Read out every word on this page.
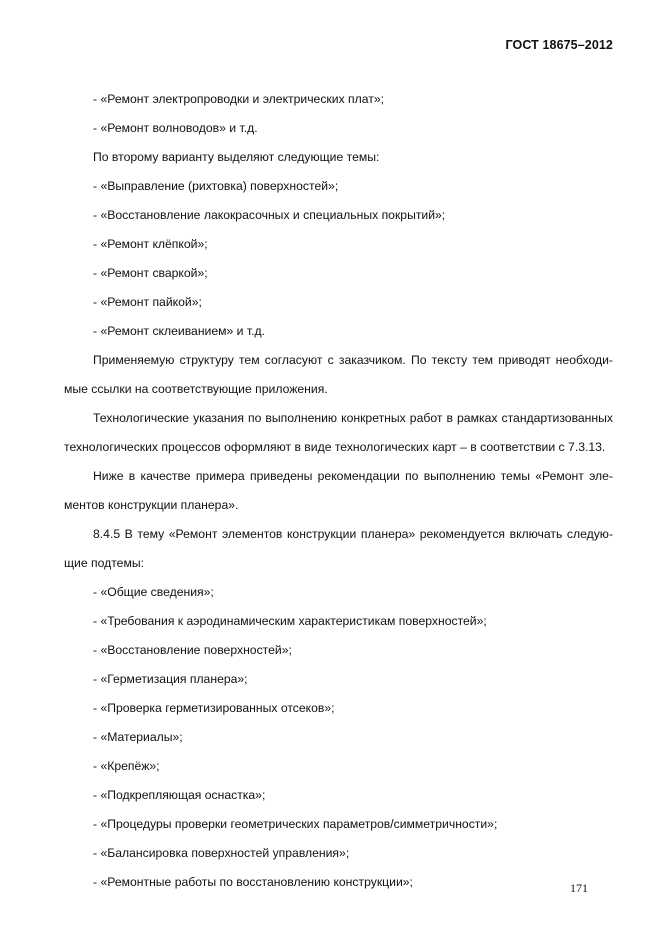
ГОСТ 18675–2012
- «Ремонт электропроводки и электрических плат»;
- «Ремонт волноводов» и т.д.
По второму варианту выделяют следующие темы:
- «Выправление (рихтовка) поверхностей»;
- «Восстановление лакокрасочных и специальных покрытий»;
- «Ремонт клёпкой»;
- «Ремонт сваркой»;
- «Ремонт пайкой»;
- «Ремонт склеиванием» и т.д.
Применяемую структуру тем согласуют с заказчиком. По тексту тем приводят необходи-
мые ссылки на соответствующие приложения.
Технологические указания по выполнению конкретных работ в рамках стандартизованных
технологических процессов оформляют в виде технологических карт – в соответствии с 7.3.13.
Ниже в качестве примера приведены рекомендации по выполнению темы «Ремонт эле-
ментов конструкции планера».
8.4.5 В тему «Ремонт элементов конструкции планера» рекомендуется включать следую-
щие подтемы:
- «Общие сведения»;
- «Требования к аэродинамическим характеристикам поверхностей»;
- «Восстановление поверхностей»;
- «Герметизация планера»;
- «Проверка герметизированных отсеков»;
- «Материалы»;
- «Крепёж»;
- «Подкрепляющая оснастка»;
- «Процедуры проверки геометрических параметров/симметричности»;
- «Балансировка поверхностей управления»;
- «Ремонтные работы по восстановлению конструкции»;	171
